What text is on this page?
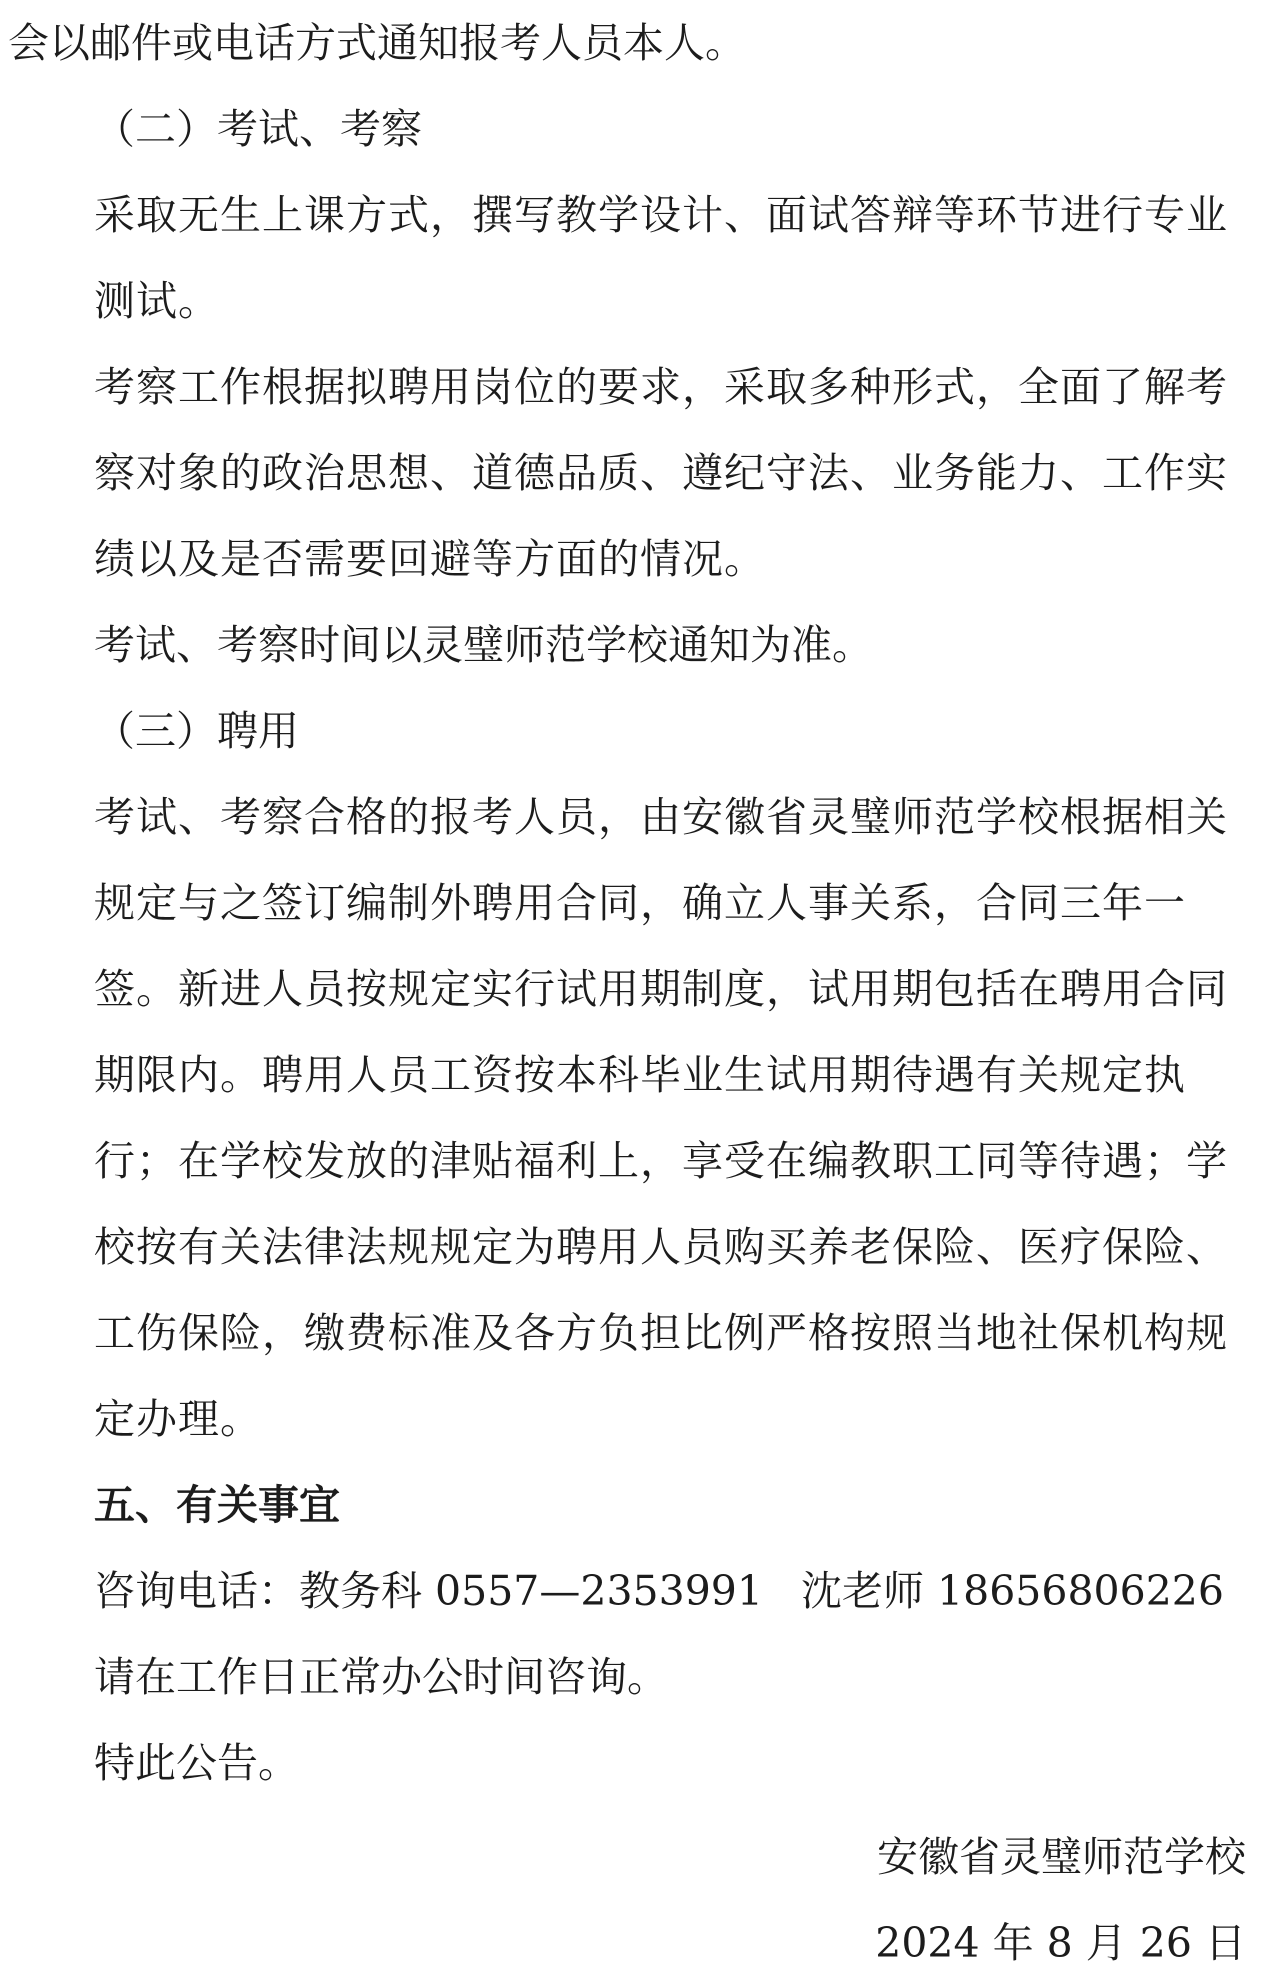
会以邮件或电话方式通知报考人员本人。
（二）考试、考察

采取无生上课方式，撰写教学设计、面试答辩等环节进行专业测试。

考察工作根据拟聘用岗位的要求，采取多种形式，全面了解考察对象的政治思想、道德品质、遵纪守法、业务能力、工作实绩以及是否需要回避等方面的情况。

考试、考察时间以灵璧师范学校通知为准。
（三）聘用

考试、考察合格的报考人员，由安徽省灵璧师范学校根据相关规定与之签订编制外聘用合同，确立人事关系，合同三年一签。新进人员按规定实行试用期制度，试用期包括在聘用合同期限内。聘用人员工资按本科毕业生试用期待遇有关规定执行；在学校发放的津贴福利上，享受在编教职工同等待遇；学校按有关法律法规规定为聘用人员购买养老保险、医疗保险、工伤保险，缴费标准及各方负担比例严格按照当地社保机构规定办理。

五、有关事宜
咨询电话：教务科 0557—2353991 沈老师 18656806226
请在工作日正常办公时间咨询。
特此公告。
安徽省灵璧师范学校
2024 年 8 月 26 日
